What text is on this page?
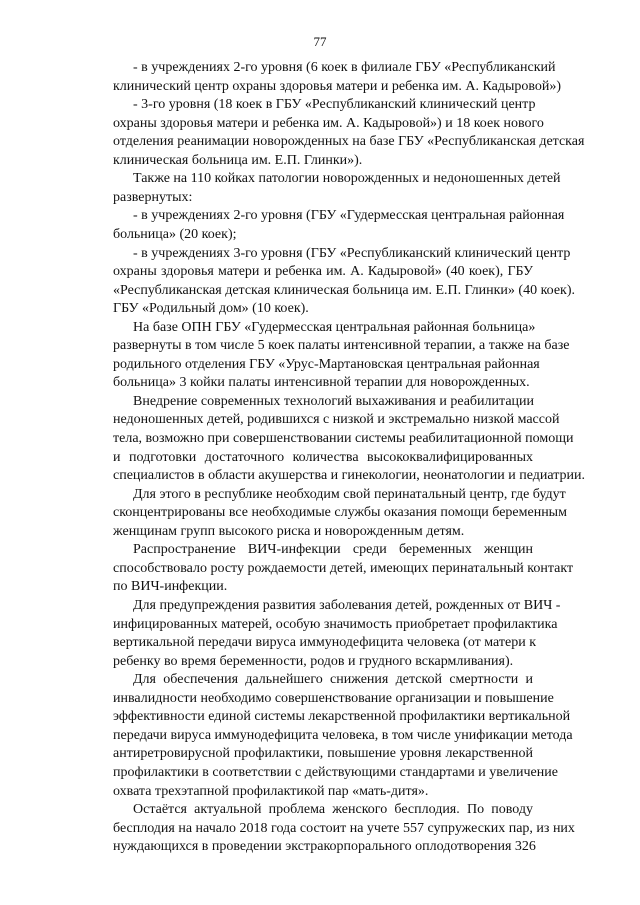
77
- в учреждениях 2-го уровня (6 коек в филиале ГБУ «Республиканский
клинический центр охраны здоровья матери и ребенка им. А. Кадыровой»)
- 3-го уровня (18 коек в ГБУ «Республиканский клинический центр
охраны здоровья матери и ребенка им. А. Кадыровой») и 18 коек нового
отделения реанимации новорожденных на базе ГБУ «Республиканская детская
клиническая больница им. Е.П. Глинки»).
Также на 110 койках патологии новорожденных и недоношенных детей
развернутых:
- в учреждениях 2-го уровня (ГБУ «Гудермесская центральная районная
больница» (20 коек);
- в учреждениях 3-го уровня (ГБУ «Республиканский клинический центр
охраны здоровья матери и ребенка им. А. Кадыровой» (40 коек), ГБУ
«Республиканская детская клиническая больница им. Е.П. Глинки» (40 коек).
ГБУ «Родильный дом» (10 коек).
На базе ОПН ГБУ «Гудермесская центральная районная больница»
развернуты в том числе 5 коек палаты интенсивной терапии, а также на базе
родильного отделения ГБУ «Урус-Мартановская центральная районная
больница» 3 койки палаты интенсивной терапии для новорожденных.
Внедрение современных технологий выхаживания и реабилитации
недоношенных детей, родившихся с низкой и экстремально низкой массой
тела, возможно при совершенствовании системы реабилитационной помощи
и подготовки достаточного количества высококвалифицированных
специалистов в области акушерства и гинекологии, неонатологии и педиатрии.
Для этого в республике необходим свой перинатальный центр, где будут
сконцентрированы все необходимые службы оказания помощи беременным
женщинам групп высокого риска и новорожденным детям.
Распространение ВИЧ-инфекции среди беременных женщин
способствовало росту рождаемости детей, имеющих перинатальный контакт
по ВИЧ-инфекции.
Для предупреждения развития заболевания детей, рожденных от ВИЧ -
инфицированных матерей, особую значимость приобретает профилактика
вертикальной передачи вируса иммунодефицита человека (от матери к
ребенку во время беременности, родов и грудного вскармливания).
Для обеспечения дальнейшего снижения детской смертности и
инвалидности необходимо совершенствование организации и повышение
эффективности единой системы лекарственной профилактики вертикальной
передачи вируса иммунодефицита человека, в том числе унификации метода
антиретровирусной профилактики, повышение уровня лекарственной
профилактики в соответствии с действующими стандартами и увеличение
охвата трехэтапной профилактикой пар «мать-дитя».
Остаётся актуальной проблема женского бесплодия. По поводу
бесплодия на начало 2018 года состоит на учете 557 супружеских пар, из них
нуждающихся в проведении экстракорпорального оплодотворения 326
